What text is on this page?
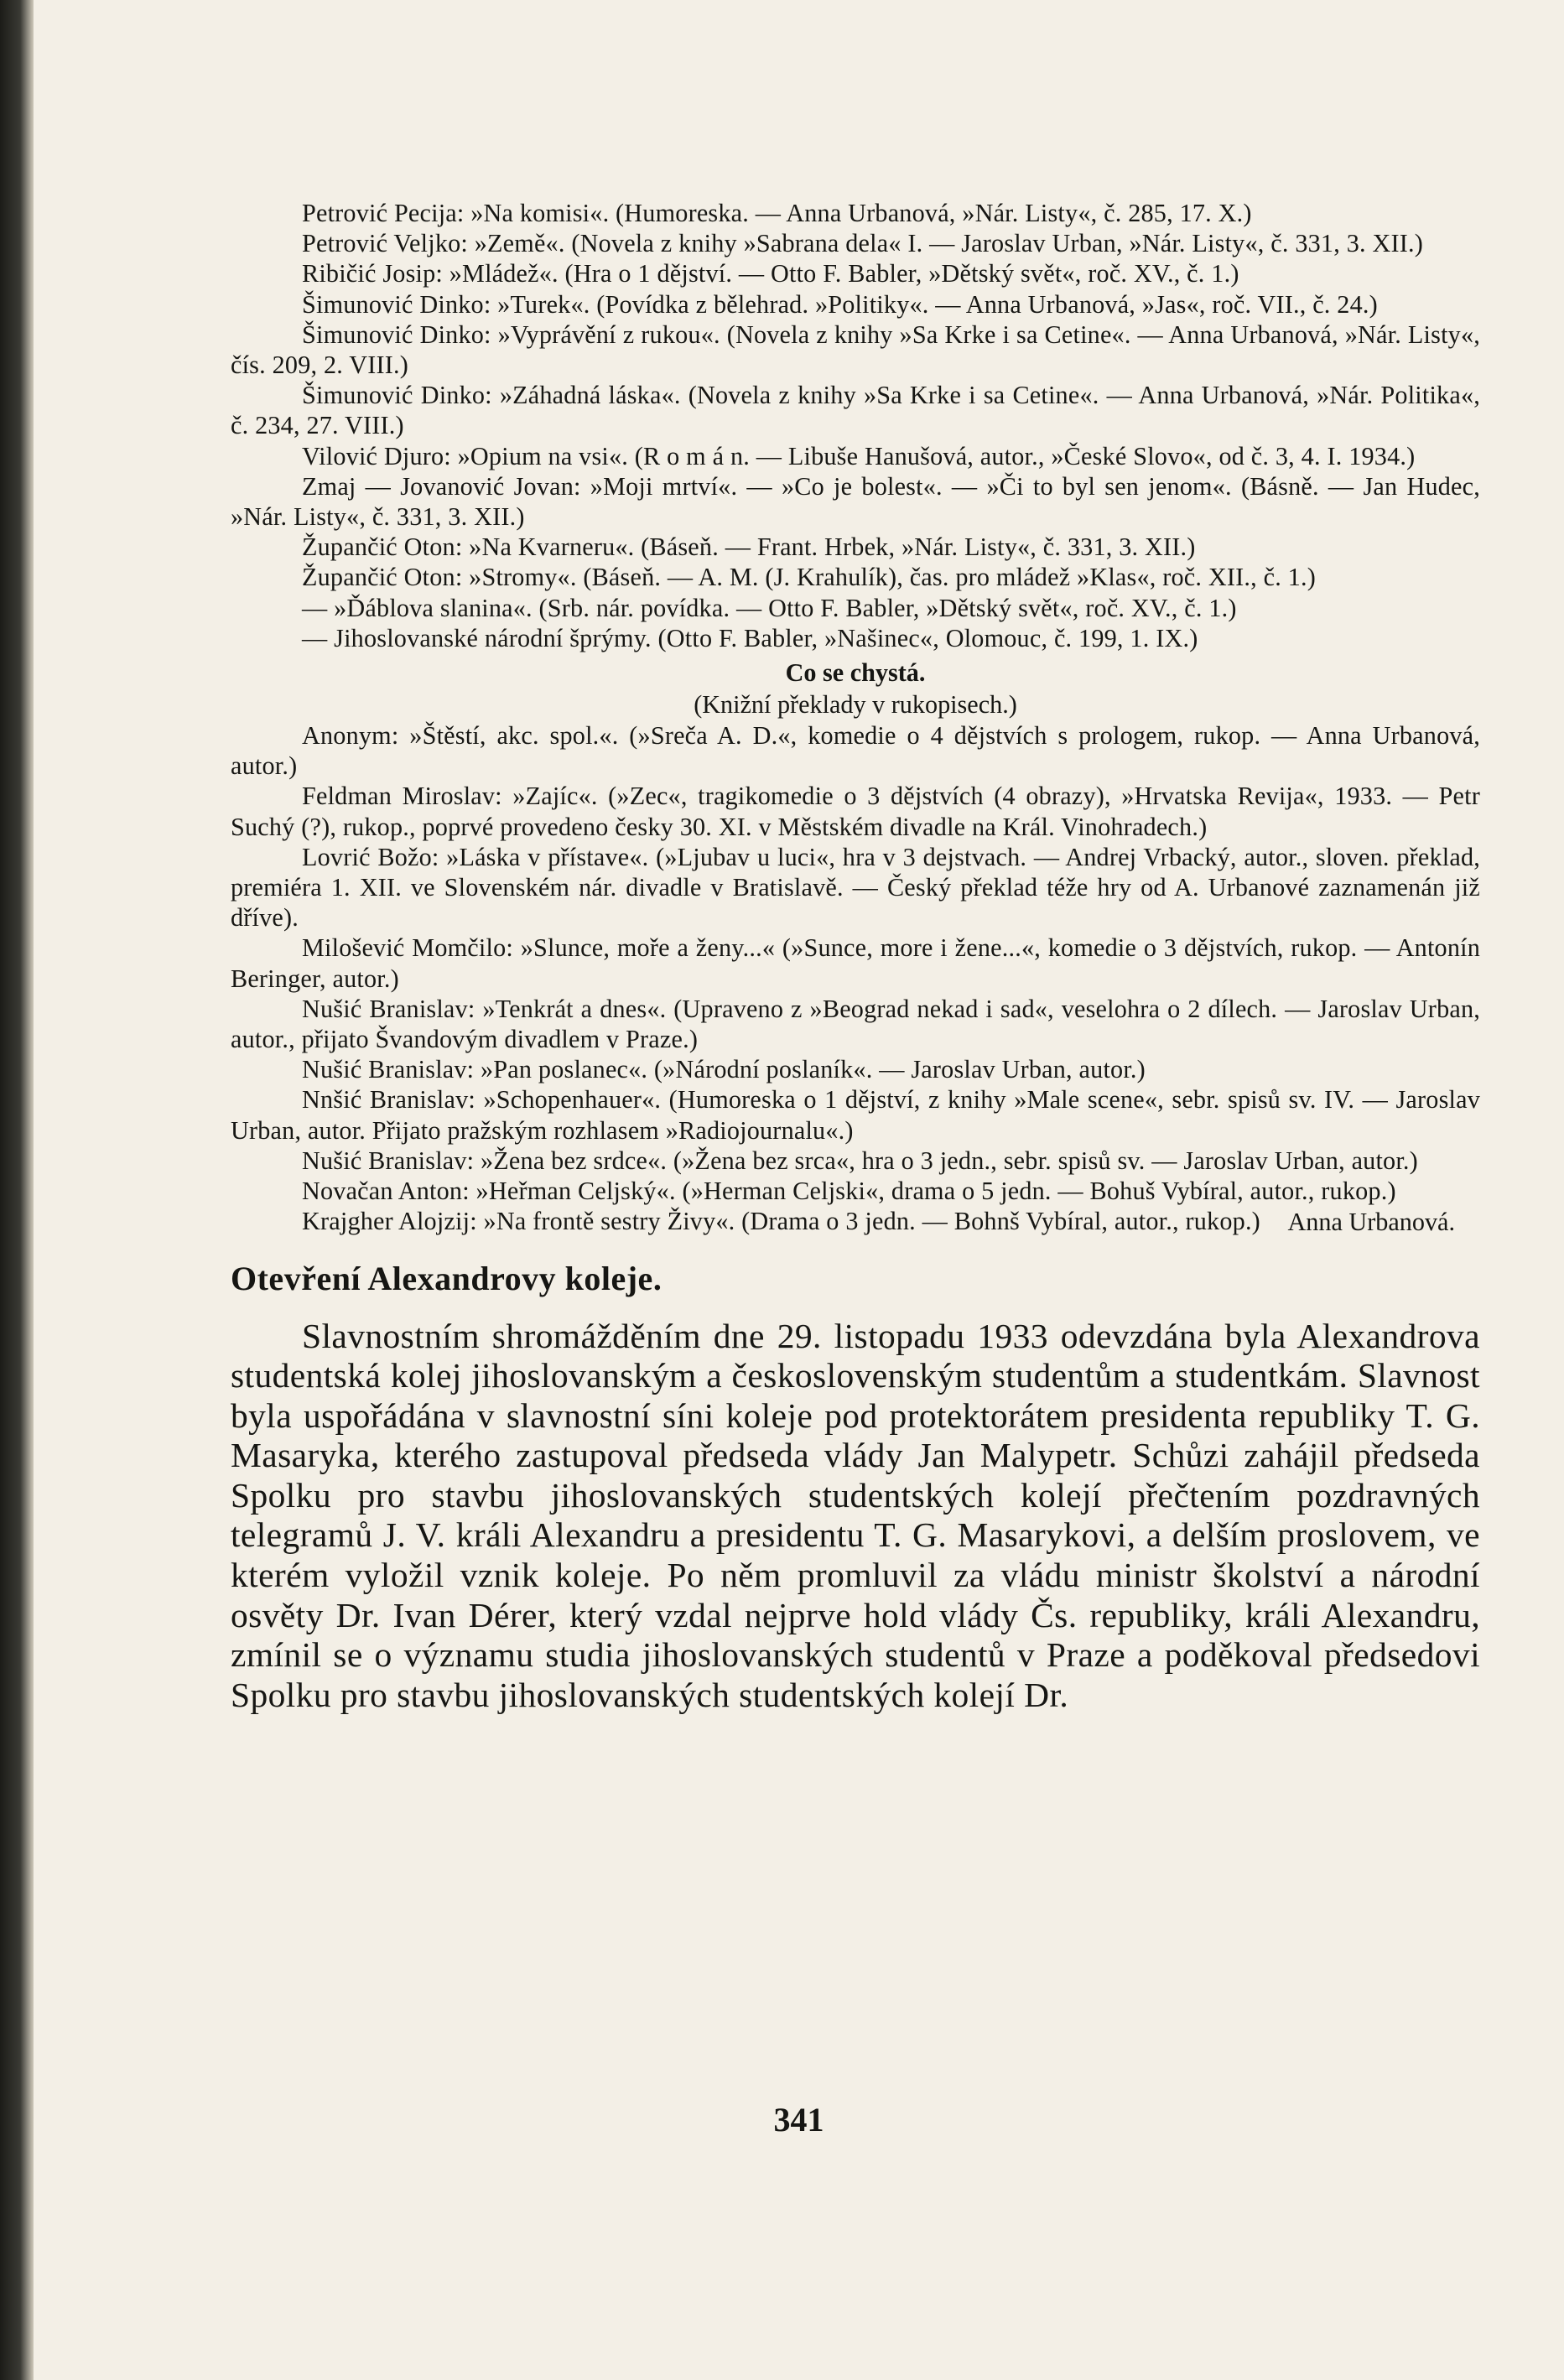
Petrović Pecija: »Na komisi«. (Humoreska. — Anna Urbanová, »Nár. Listy«, č. 285, 17. X.)

Petrović Veljko: »Země«. (Novela z knihy »Sabrana dela« I. — Jaroslav Urban, »Nár. Listy«, č. 331, 3. XII.)

Ribičić Josip: »Mládež«. (Hra o 1 dějství. — Otto F. Babler, »Dětský svět«, roč. XV., č. 1.)

Šimunović Dinko: »Turek«. (Povídka z bělehrad. »Politiky«. — Anna Urbanová, »Jas«, roč. VII., č. 24.)

Šimunović Dinko: »Vyprávění z rukou«. (Novela z knihy »Sa Krke i sa Cetine«. — Anna Urbanová, »Nár. Listy«, čís. 209, 2. VIII.)

Šimunović Dinko: »Záhadná láska«. (Novela z knihy »Sa Krke i sa Cetine«. — Anna Urbanová, »Nár. Politika«, č. 234, 27. VIII.)

Vilović Djuro: »Opium na vsi«. (R o m á n. — Libuše Hanušová, autor., »České Slovo«, od č. 3, 4. I. 1934.)

Zmaj — Jovanović Jovan: »Moji mrtví«. — »Co je bolest«. — »Či to byl sen jenom«. (Básně. — Jan Hudec, »Nár. Listy«, č. 331, 3. XII.)

Župančić Oton: »Na Kvarneru«. (Báseň. — Frant. Hrbek, »Nár. Listy«, č. 331, 3. XII.)

Župančić Oton: »Stromy«. (Báseň. — A. M. (J. Krahulík), čas. pro mládež »Klas«, roč. XII., č. 1.)

— »Ďáblova slanina«. (Srb. nár. povídka. — Otto F. Babler, »Dětský svět«, roč. XV., č. 1.)

— Jihoslovanské národní šprýmy. (Otto F. Babler, »Našinec«, Olomouc, č. 199, 1. IX.)

Co se chystá.

(Knižní překlady v rukopisech.)

Anonym: »Štěstí, akc. spol.«. (»Sreča A. D.«, komedie o 4 dějstvích s prologem, rukop. — Anna Urbanová, autor.)

Feldman Miroslav: »Zajíc«. (»Zec«, tragikomedie o 3 dějstvích (4 obrazy), »Hrvatska Revija«, 1933. — Petr Suchý (?), rukop., poprvé provedeno česky 30. XI. v Městském divadle na Král. Vinohradech.)

Lovrić Božo: »Láska v přístave«. (»Ljubav u luci«, hra v 3 dejstvach. — Andrej Vrbacký, autor., sloven. překlad, premiéra 1. XII. ve Slovenském nár. divadle v Bratislavě. — Český překlad téže hry od A. Urbanové zaznamenán již dříve).

Milošević Momčilo: »Slunce, moře a ženy...« (»Sunce, more i žene...«, komedie o 3 dějstvích, rukop. — Antonín Beringer, autor.)

Nušić Branislav: »Tenkrát a dnes«. (Upraveno z »Beograd nekad i sad«, veselohra o 2 dílech. — Jaroslav Urban, autor., přijato Švandovým divadlem v Praze.)

Nušić Branislav: »Pan poslanec«. (»Národní poslaník«. — Jaroslav Urban, autor.)

Nnšić Branislav: »Schopenhauer«. (Humoreska o 1 dějství, z knihy »Male scene«, sebr. spisů sv. IV. — Jaroslav Urban, autor. Přijato pražským rozhlasem »Radiojournalu«.)

Nušić Branislav: »Žena bez srdce«. (»Žena bez srca«, hra o 3 jedn., sebr. spisů sv. — Jaroslav Urban, autor.)

Novačan Anton: »Heřman Celjský«. (»Herman Celjski«, drama o 5 jedn. — Bohuš Vybíral, autor., rukop.)

Krajgher Alojzij: »Na frontě sestry Živy«. (Drama o 3 jedn. — Bohnš Vybíral, autor., rukop.)	Anna Urbanová.

Otevření Alexandrovy koleje.

Slavnostním shromážděním dne 29. listopadu 1933 odevzdána byla Alexandrova studentská kolej jihoslovanským a československým studentům a studentkám. Slavnost byla uspořádána v slavnostní síni koleje pod protektorátem presidenta republiky T. G. Masaryka, kterého zastupoval předseda vlády Jan Malypetr. Schůzi zahájil předseda Spolku pro stavbu jihoslovanských studentských kolejí přečtením pozdravných telegramů J. V. králi Alexandru a presidentu T. G. Masarykovi, a delším proslovem, ve kterém vyložil vznik koleje. Po něm promluvil za vládu ministr školství a národní osvěty Dr. Ivan Dérer, který vzdal nejprve hold vlády Čs. republiky, králi Alexandru, zmínil se o významu studia jihoslovanských studentů v Praze a poděkoval předsedovi Spolku pro stavbu jihoslovanských studentských kolejí Dr.

341
